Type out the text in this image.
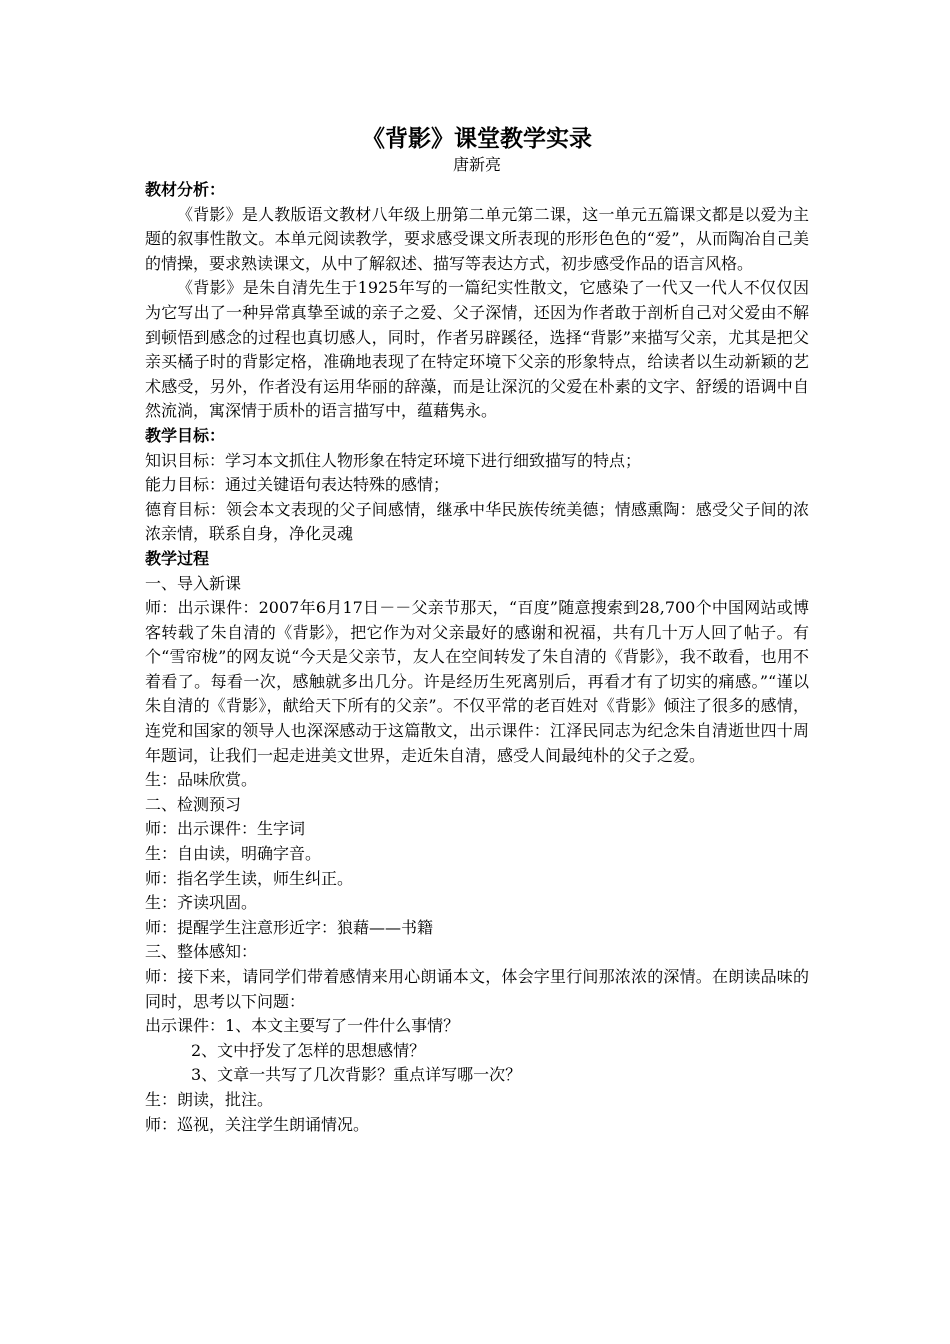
《背影》课堂教学实录

唐新亮

教材分析：

《背影》是人教版语文教材八年级上册第二单元第二课，这一单元五篇课文都是以爱为主题的叙事性散文。本单元阅读教学，要求感受课文所表现的形形色色的“爱”，从而陶冶自己美的情操，要求熟读课文，从中了解叙述、描写等表达方式，初步感受作品的语言风格。

《背影》是朱自清先生于1925年写的一篇纪实性散文，它感染了一代又一代人不仅仅因为它写出了一种异常真挚至诚的亲子之爱、父子深情，还因为作者敢于剖析自己对父爱由不解到顿悟到感念的过程也真切感人，同时，作者另辟蹊径，选择“背影”来描写父亲，尤其是把父亲买橘子时的背影定格，准确地表现了在特定环境下父亲的形象特点，给读者以生动新颖的艺术感受，另外，作者没有运用华丽的辞藻，而是让深沉的父爱在朴素的文字、舒缓的语调中自然流淌，寓深情于质朴的语言描写中，蕴藉隽永。

教学目标：

知识目标：学习本文抓住人物形象在特定环境下进行细致描写的特点；

能力目标：通过关键语句表达特殊的感情；

德育目标：领会本文表现的父子间感情，继承中华民族传统美德；情感熏陶：感受父子间的浓浓亲情，联系自身，净化灵魂

教学过程

一、导入新课

师：出示课件：2007年6月17日－－父亲节那天，“百度”随意搜索到28,700个中国网站或博客转载了朱自清的《背影》，把它作为对父亲最好的感谢和祝福，共有几十万人回了帖子。有个“雪帘栊”的网友说“今天是父亲节，友人在空间转发了朱自清的《背影》，我不敢看，也用不着看了。每看一次，感触就多出几分。许是经历生死离别后，再看才有了切实的痛感。”“谨以朱自清的《背影》，献给天下所有的父亲”。不仅平常的老百姓对《背影》倾注了很多的感情，连党和国家的领导人也深深感动于这篇散文，出示课件：江泽民同志为纪念朱自清逝世四十周年题词，让我们一起走进美文世界，走近朱自清，感受人间最纯朴的父子之爱。

生：品味欣赏。

二、检测预习

师：出示课件：生字词

生：自由读，明确字音。

师：指名学生读，师生纠正。

生：齐读巩固。

师：提醒学生注意形近字：狼藉——书籍

三、整体感知：

师：接下来，请同学们带着感情来用心朗诵本文，体会字里行间那浓浓的深情。在朗读品味的同时，思考以下问题：

出示课件：1、本文主要写了一件什么事情？

2、文中抒发了怎样的思想感情？

3、文章一共写了几次背影？重点详写哪一次？

生：朗读，批注。

师：巡视，关注学生朗诵情况。
